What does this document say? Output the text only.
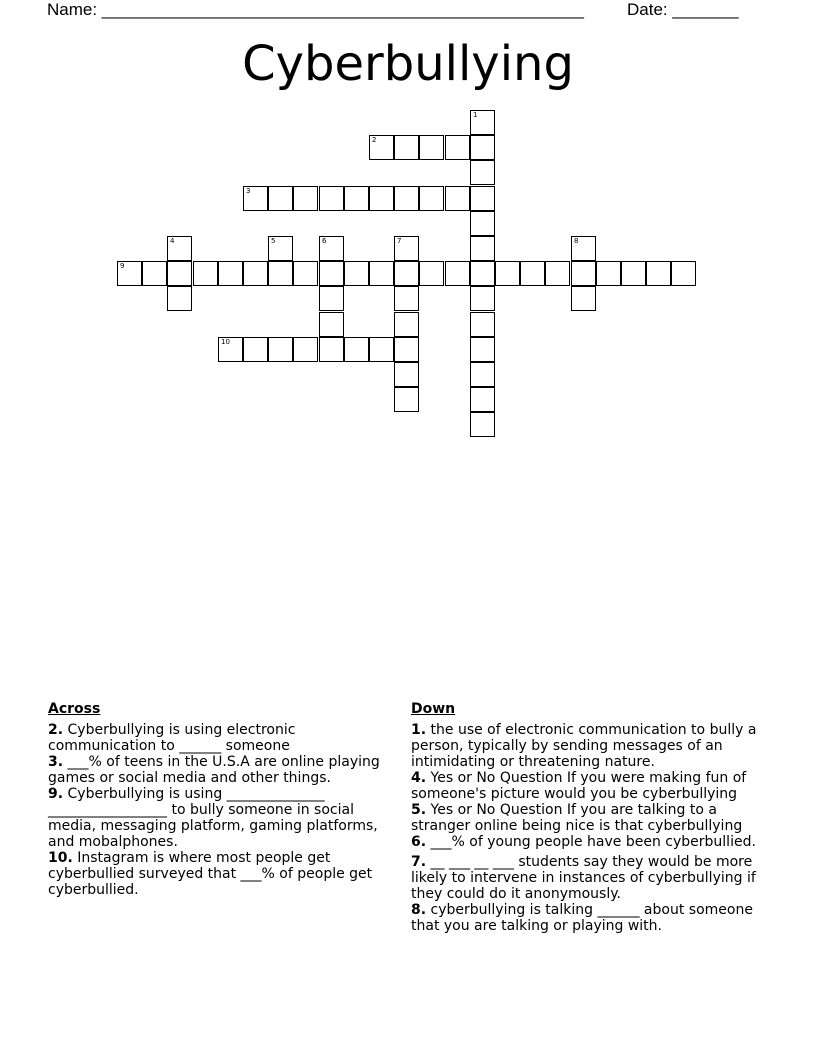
Name: ___________________________________________________	Date: _______
Cyberbullying
1
2
3
4	5	6	7	8
9
10
Across
2. Cyberbullying is using electronic communication to ______ someone
3. ___% of teens in the U.S.A are online playing games or social media and other things.
9. Cyberbullying is using ______________ _________________ to bully someone in social media, messaging platform, gaming platforms, and mobalphones.
10. Instagram is where most people get cyberbullied surveyed that ___% of people get cyberbullied.
Down
1. the use of electronic communication to bully a person, typically by sending messages of an intimidating or threatening nature.
4. Yes or No Question If you were making fun of someone's picture would you be cyberbullying
5. Yes or No Question If you are talking to a stranger online being nice is that cyberbullying
6. ___% of young people have been cyberbullied.
7. __ ___ __ ___ students say they would be more likely to intervene in instances of cyberbullying if they could do it anonymously.
8. cyberbullying is talking ______ about someone that you are talking or playing with.
